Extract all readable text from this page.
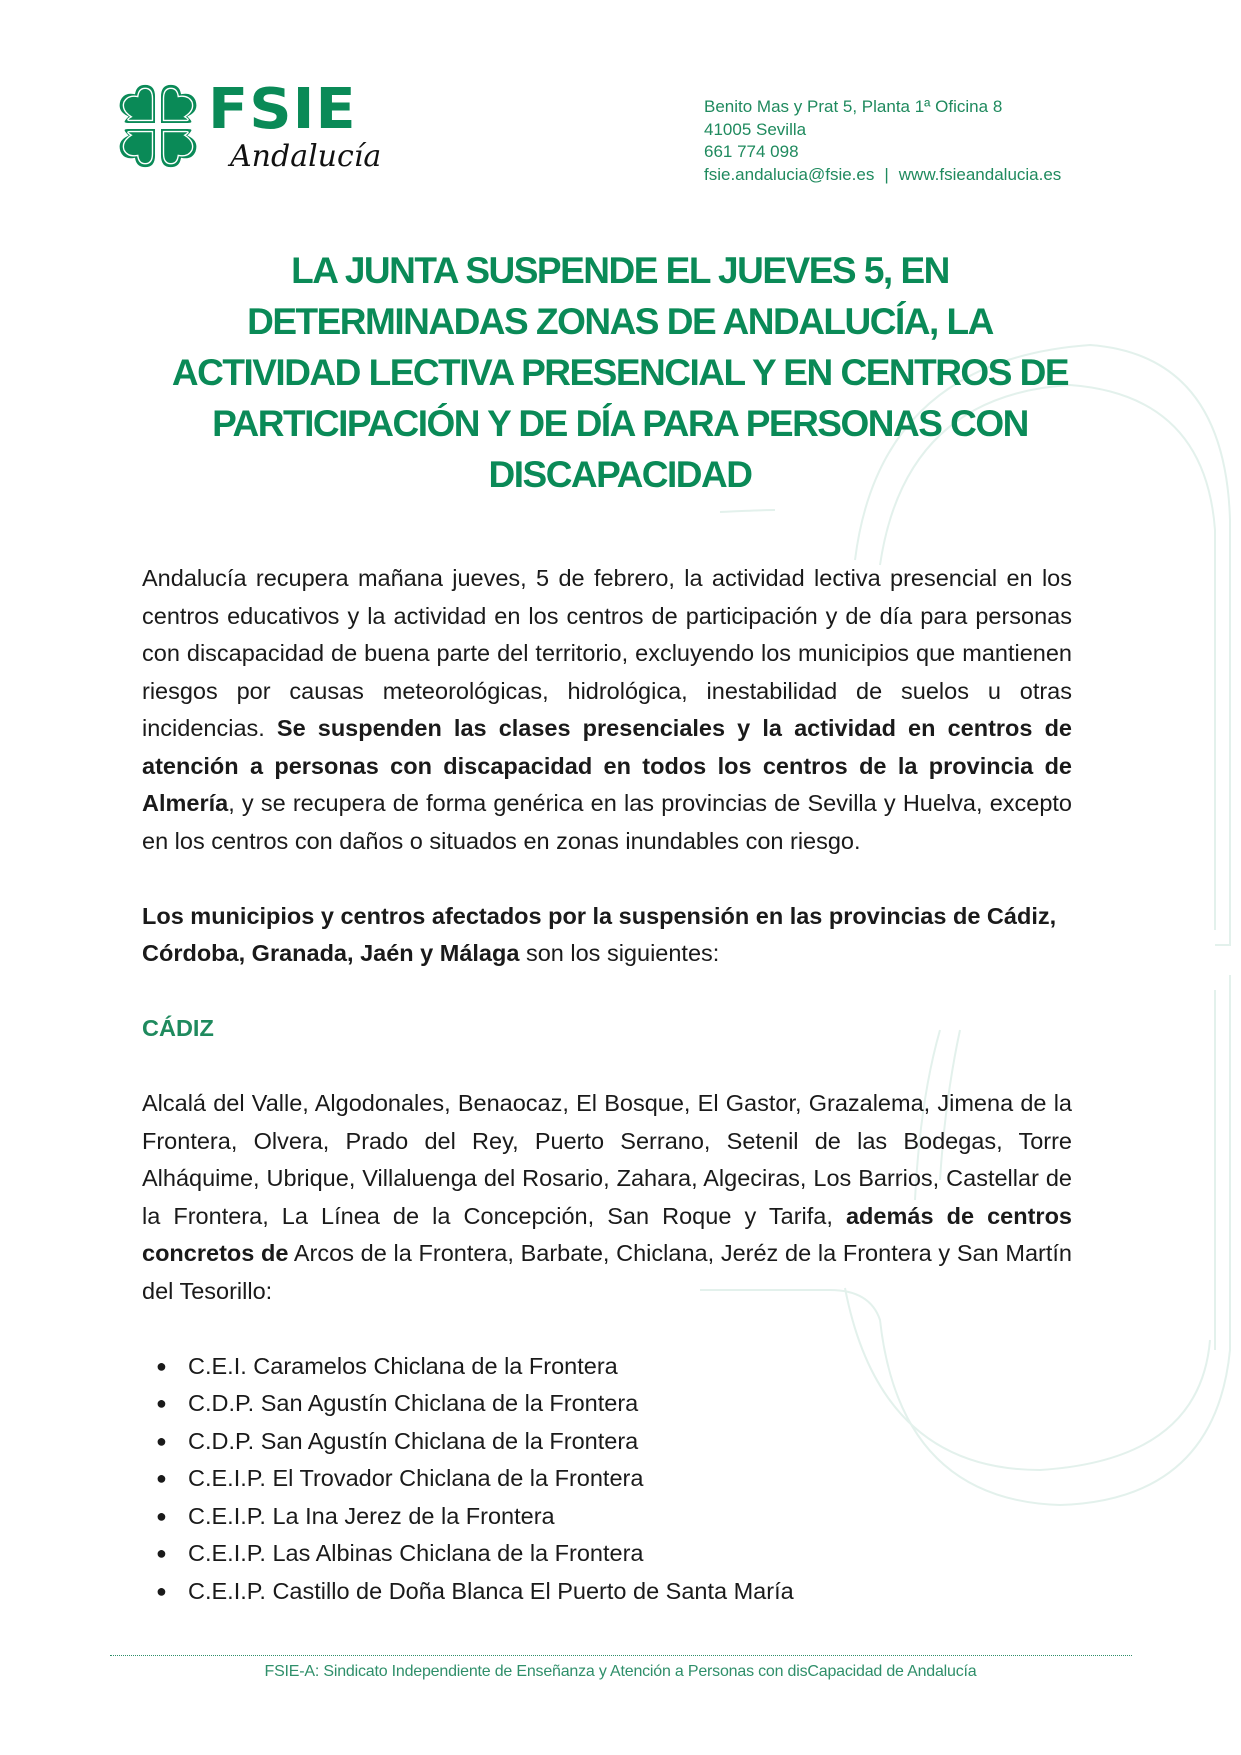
FSIE
Andalucía
Benito Mas y Prat 5, Planta 1ª Oficina 8
41005 Sevilla
661 774 098
fsie.andalucia@fsie.es | www.fsieandalucia.es
LA JUNTA SUSPENDE EL JUEVES 5, EN
DETERMINADAS ZONAS DE ANDALUCÍA, LA
ACTIVIDAD LECTIVA PRESENCIAL Y EN CENTROS DE
PARTICIPACIÓN Y DE DÍA PARA PERSONAS CON
DISCAPACIDAD

Andalucía recupera mañana jueves, 5 de febrero, la actividad lectiva presencial en los centros educativos y la actividad en los centros de participación y de día para personas con discapacidad de buena parte del territorio, excluyendo los municipios que mantienen riesgos por causas meteorológicas, hidrológica, inestabilidad de suelos u otras incidencias. Se suspenden las clases presenciales y la actividad en centros de atención a personas con discapacidad en todos los centros de la provincia de Almería, y se recupera de forma genérica en las provincias de Sevilla y Huelva, excepto en los centros con daños o situados en zonas inundables con riesgo.

Los municipios y centros afectados por la suspensión en las provincias de Cádiz, Córdoba, Granada, Jaén y Málaga son los siguientes:

CÁDIZ

Alcalá del Valle, Algodonales, Benaocaz, El Bosque, El Gastor, Grazalema, Jimena de la Frontera, Olvera, Prado del Rey, Puerto Serrano, Setenil de las Bodegas, Torre Alháquime, Ubrique, Villaluenga del Rosario, Zahara, Algeciras, Los Barrios, Castellar de la Frontera, La Línea de la Concepción, San Roque y Tarifa, además de centros concretos de Arcos de la Frontera, Barbate, Chiclana, Jeréz de la Frontera y San Martín del Tesorillo:

● C.E.I. Caramelos Chiclana de la Frontera
● C.D.P. San Agustín Chiclana de la Frontera
● C.D.P. San Agustín Chiclana de la Frontera
● C.E.I.P. El Trovador Chiclana de la Frontera
● C.E.I.P. La Ina Jerez de la Frontera
● C.E.I.P. Las Albinas Chiclana de la Frontera
● C.E.I.P. Castillo de Doña Blanca El Puerto de Santa María
FSIE-A: Sindicato Independiente de Enseñanza y Atención a Personas con disCapacidad de Andalucía
